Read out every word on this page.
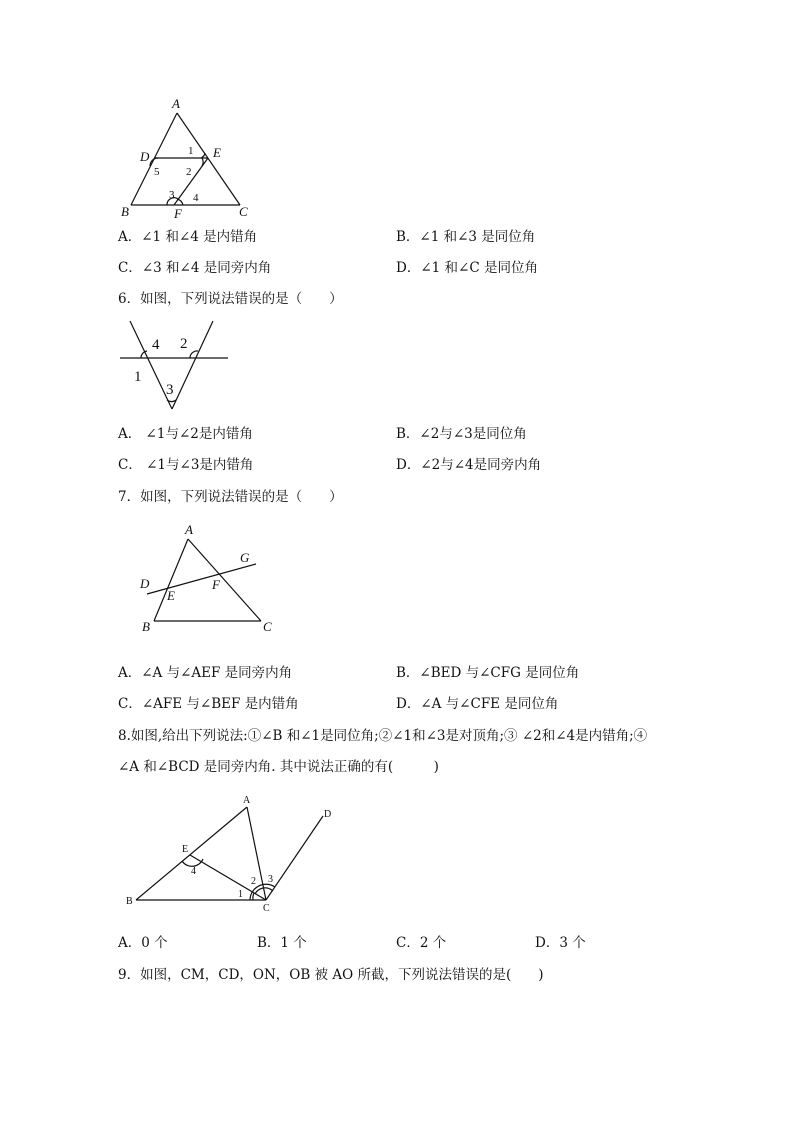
A
D	E
B	F	C
1
2
5
3 4
A．∠1 和∠4 是内错角	B．∠1 和∠3 是同位角
C．∠3 和∠4 是同旁内角	D．∠1 和∠C 是同位角
6．如图，下列说法错误的是（　　）
4 2
1
3
A． ∠1与∠2是内错角	B．∠2与∠3是同位角
C． ∠1与∠3是内错角	D．∠2与∠4是同旁内角
7．如图，下列说法错误的是（　　）
A
G
D
E
F
B	C
A．∠A 与∠AEF 是同旁内角	B．∠BED 与∠CFG 是同位角
C．∠AFE 与∠BEF 是内错角	D．∠A 与∠CFE 是同位角
8.如图,给出下列说法:①∠B 和∠1是同位角;②∠1和∠3是对顶角;③ ∠2和∠4是内错角;④
∠A 和∠BCD 是同旁内角. 其中说法正确的有(　　　)
A
D
E
B
C
4
1
2 3
A．0 个	B．1 个	C．2 个	D．3 个
9．如图，CM，CD，ON，OB 被 AO 所截，下列说法错误的是(　　)
